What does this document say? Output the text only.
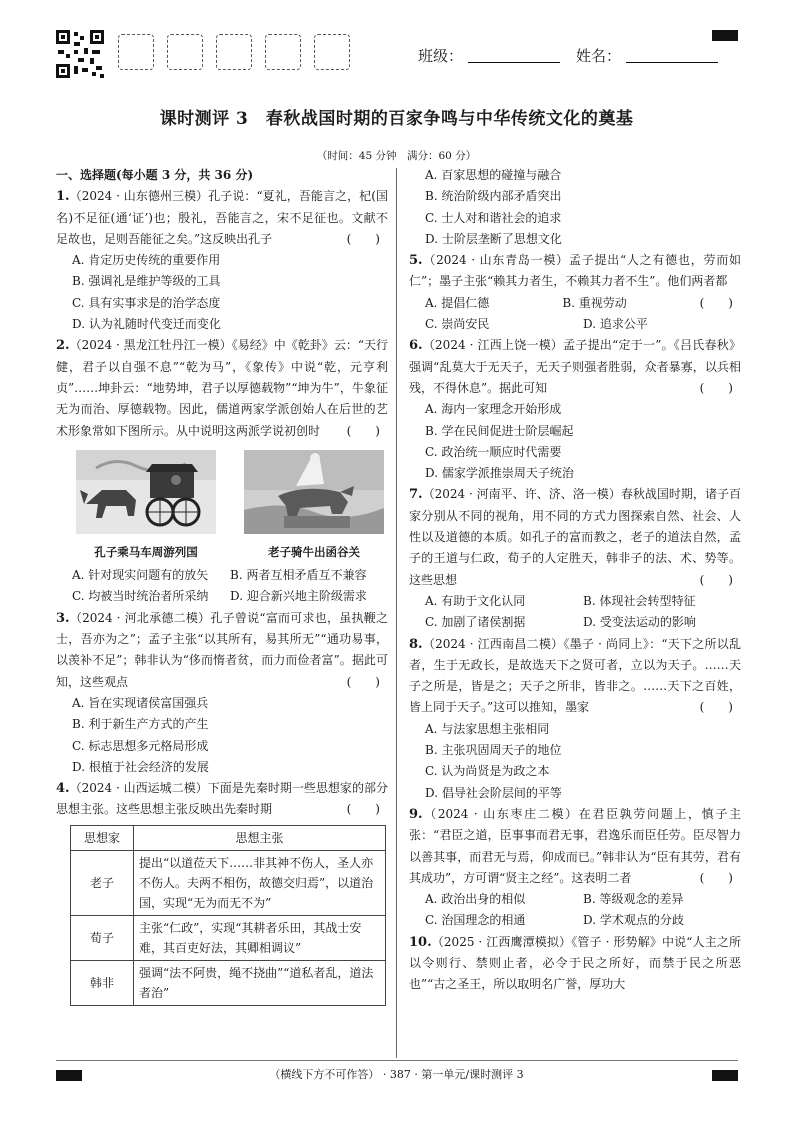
班级：	姓名：
课时测评 3　春秋战国时期的百家争鸣与中华传统文化的奠基
（时间：45 分钟　满分：60 分）

一、选择题(每小题 3 分，共 36 分)

1.（2024 · 山东德州三模）孔子说：“夏礼，吾能言之，杞(国名)不足征(通‘证’)也；殷礼，吾能言之，宋不足征也。文献不足故也，足则吾能征之矣。”这反映出孔子	(　　)

A. 肯定历史传统的重要作用

B. 强调礼是维护等级的工具

C. 具有实事求是的治学态度

D. 认为礼随时代变迁而变化

2.（2024 · 黑龙江牡丹江一模）《易经》中《乾卦》云：“天行健，君子以自强不息”“乾为马”，《象传》中说“乾，元亨利贞”……坤卦云：“地势坤，君子以厚德载物”“坤为牛”，牛象征无为而治、厚德载物。因此，儒道两家学派创始人在后世的艺术形象常如下图所示。从中说明这两派学说初创时 (　　)

孔子乘马车周游列国	老子骑牛出函谷关
A. 针对现实问题有的放矢	B. 两者互相矛盾互不兼容
C. 均被当时统治者所采纳	D. 迎合新兴地主阶级需求

3.（2024 · 河北承德二模）孔子曾说“富而可求也，虽执鞭之士，吾亦为之”；孟子主张“以其所有，易其所无”“通功易事，以羡补不足”；韩非认为“侈而惰者贫，而力而俭者富”。据此可知，这些观点	(　　)

A. 旨在实现诸侯富国强兵

B. 利于新生产方式的产生

C. 标志思想多元格局形成

D. 根植于社会经济的发展

4.（2024 · 山西运城二模）下面是先秦时期一些思想家的部分思想主张。这些思想主张反映出先秦时期	(　　)

思想家	思想主张
老子	提出“以道莅天下……非其神不伤人，圣人亦不伤人。夫两不相伤，故德交归焉”，以道治国，实现“无为而无不为”
荀子	主张“仁政”，实现“其耕者乐田，其战士安难，其百吏好法，其卿相调议”
韩非	强调“法不阿贵，绳不挠曲”“道私者乱，道法者治”

A. 百家思想的碰撞与融合

B. 统治阶级内部矛盾突出

C. 士人对和谐社会的追求

D. 士阶层垄断了思想文化

5.（2024 · 山东青岛一模）孟子提出“人之有德也，劳而如仁”；墨子主张“赖其力者生，不赖其力者不生”。他们两者都
(　　)

A. 提倡仁德	B. 重视劳动
C. 崇尚安民	D. 追求公平

6.（2024 · 江西上饶一模）孟子提出“定于一”。《吕氏春秋》强调“乱莫大于无天子，无天子则强者胜弱，众者暴寡，以兵相残，不得休息”。据此可知	(　　)

A. 海内一家理念开始形成

B. 学在民间促进士阶层崛起

C. 政治统一顺应时代需要

D. 儒家学派推崇周天子统治

7.（2024 · 河南平、许、济、洛一模）春秋战国时期，诸子百家分别从不同的视角，用不同的方式力图探索自然、社会、人性以及道德的本质。如孔子的富而教之，老子的道法自然，孟子的王道与仁政，荀子的人定胜天，韩非子的法、术、势等。这些思想	(　　)

A. 有助于文化认同	B. 体现社会转型特征
C. 加剧了诸侯割据	D. 受变法运动的影响

8.（2024 · 江西南昌二模）《墨子 · 尚同上》：“天下之所以乱者，生于无政长，是故选天下之贤可者，立以为天子。……天子之所是，皆是之；天子之所非，皆非之。……天下之百姓，皆上同于天子。”这可以推知，墨家	(　　)

A. 与法家思想主张相同

B. 主张巩固周天子的地位

C. 认为尚贤是为政之本

D. 倡导社会阶层间的平等

9.（2024 · 山东枣庄二模）在君臣孰劳问题上，慎子主张：“君臣之道，臣事事而君无事，君逸乐而臣任劳。臣尽智力以善其事，而君无与焉，仰成而已。”韩非认为“臣有其劳，君有其成功”，方可谓“贤主之经”。这表明二者	(　　)

A. 政治出身的相似	B. 等级观念的差异
C. 治国理念的相通	D. 学术观点的分歧

10.（2025 · 江西鹰潭模拟）《管子 · 形势解》中说“人主之所以令则行、禁则止者，必令于民之所好，而禁于民之所恶也”“古之圣王，所以取明名广誉，厚功大

（横线下方不可作答） · 387 · 第一单元/课时测评 3
